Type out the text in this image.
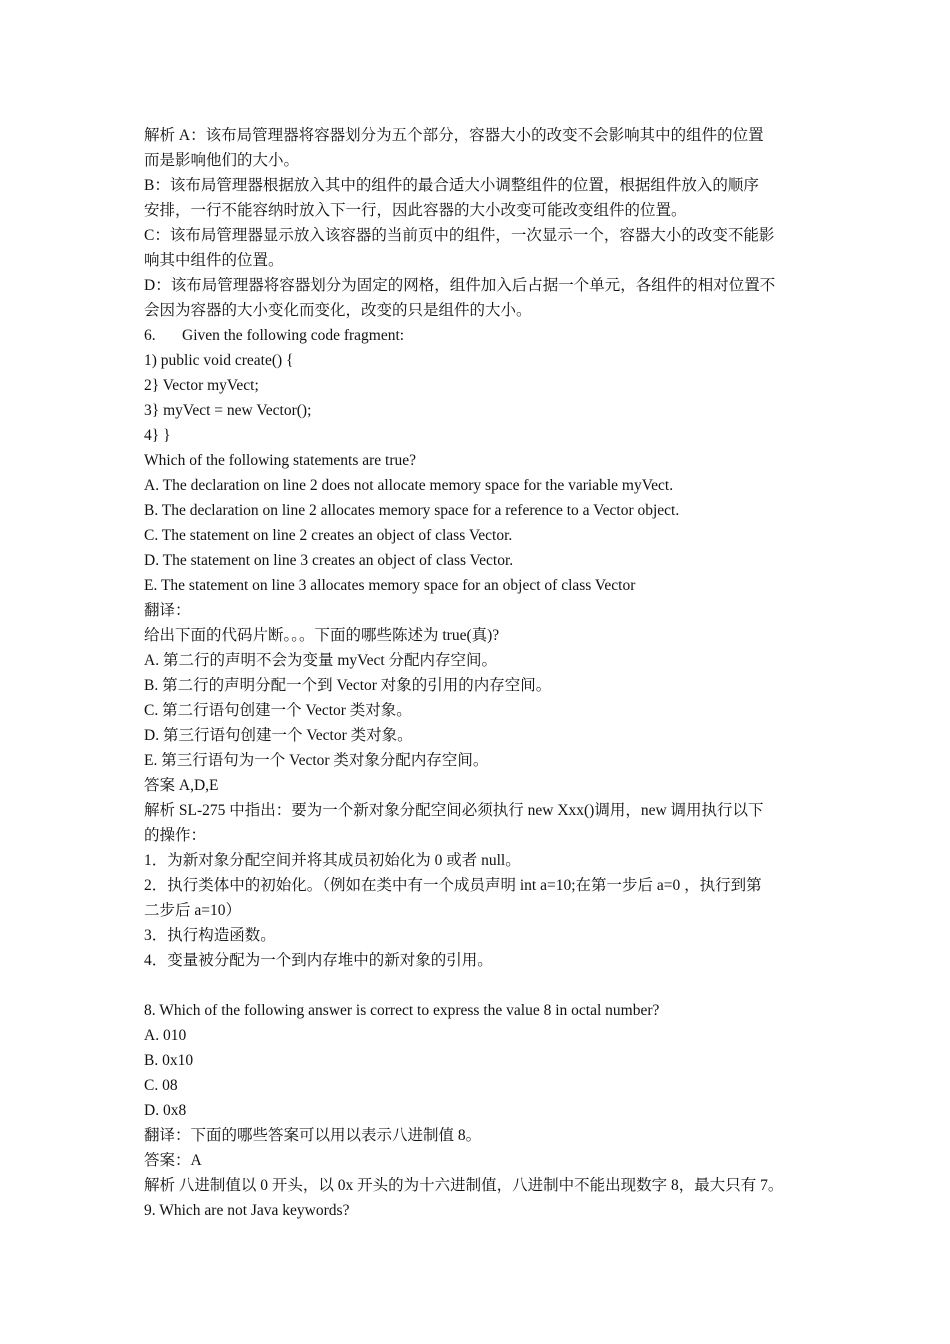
解析 A：该布局管理器将容器划分为五个部分，容器大小的改变不会影响其中的组件的位置
而是影响他们的大小。
B：该布局管理器根据放入其中的组件的最合适大小调整组件的位置，根据组件放入的顺序
安排，一行不能容纳时放入下一行，因此容器的大小改变可能改变组件的位置。
C：该布局管理器显示放入该容器的当前页中的组件，一次显示一个，容器大小的改变不能影
响其中组件的位置。
D：该布局管理器将容器划分为固定的网格，组件加入后占据一个单元，各组件的相对位置不
会因为容器的大小变化而变化，改变的只是组件的大小。
6. Given the following code fragment:
1) public void create() {
2} Vector myVect;
3} myVect = new Vector();
4} }
Which of the following statements are true?
A. The declaration on line 2 does not allocate memory space for the variable myVect.
B. The declaration on line 2 allocates memory space for a reference to a Vector object.
C. The statement on line 2 creates an object of class Vector.
D. The statement on line 3 creates an object of class Vector.
E. The statement on line 3 allocates memory space for an object of class Vector
翻译：
给出下面的代码片断。。。下面的哪些陈述为 true(真)?
A. 第二行的声明不会为变量 myVect 分配内存空间。
B. 第二行的声明分配一个到 Vector 对象的引用的内存空间。
C. 第二行语句创建一个 Vector 类对象。
D. 第三行语句创建一个 Vector 类对象。
E. 第三行语句为一个 Vector 类对象分配内存空间。
答案 A,D,E
解析 SL-275 中指出：要为一个新对象分配空间必须执行 new Xxx()调用，new 调用执行以下
的操作：
1．为新对象分配空间并将其成员初始化为 0 或者 null。
2．执行类体中的初始化。（例如在类中有一个成员声明 int a=10;在第一步后 a=0 ，执行到第
二步后 a=10）
3．执行构造函数。
4．变量被分配为一个到内存堆中的新对象的引用。
8. Which of the following answer is correct to express the value 8 in octal number?
A. 010
B. 0x10
C. 08
D. 0x8
翻译：下面的哪些答案可以用以表示八进制值 8。
答案：A
解析 八进制值以 0 开头，以 0x 开头的为十六进制值，八进制中不能出现数字 8，最大只有 7。
9. Which are not Java keywords?
